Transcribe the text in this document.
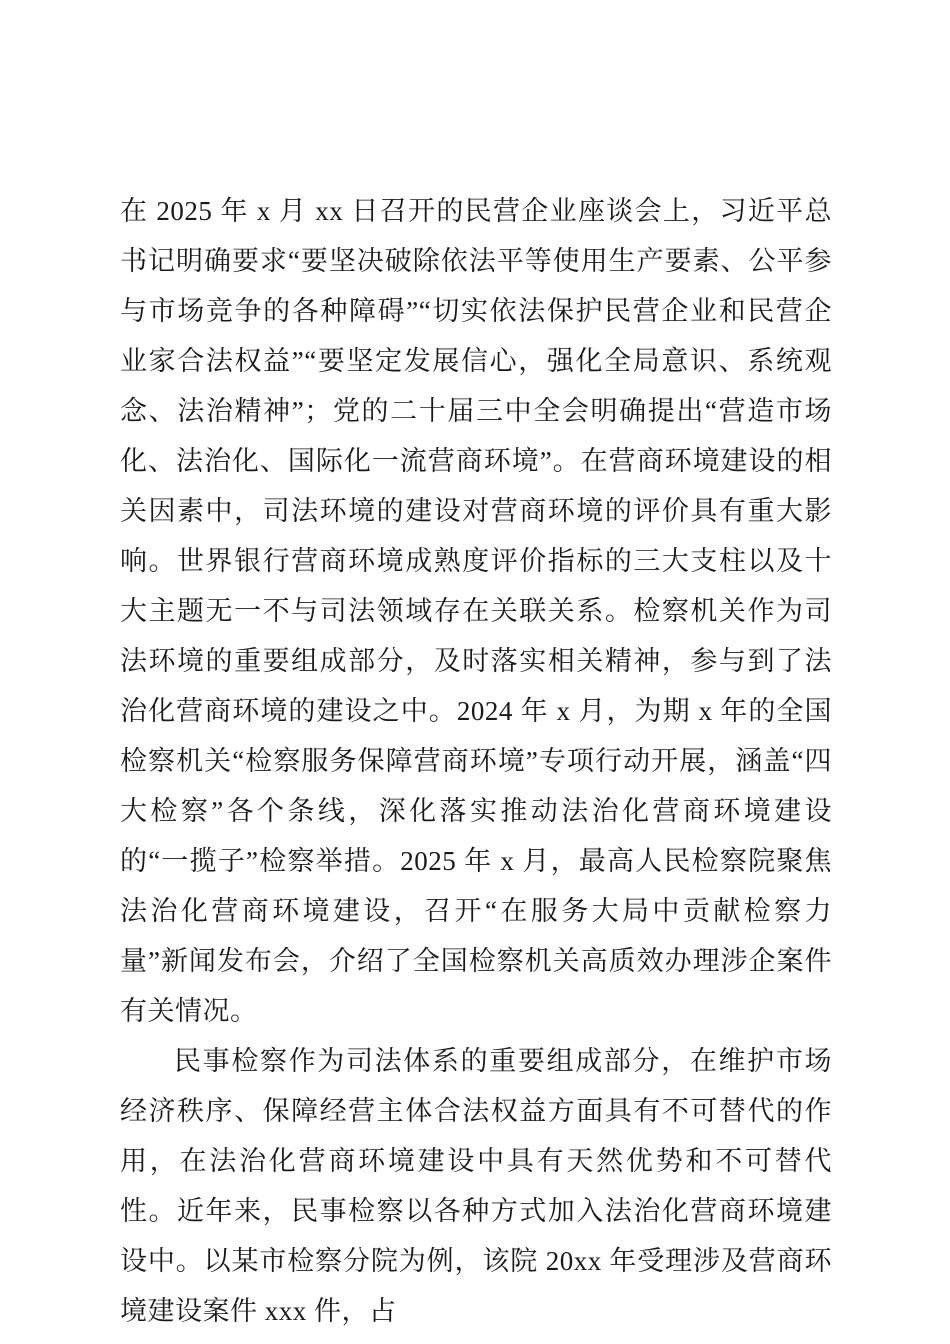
在 2025 年 x 月 xx 日召开的民营企业座谈会上，习近平总书记明确要求“要坚决破除依法平等使用生产要素、公平参与市场竞争的各种障碍”“切实依法保护民营企业和民营企业家合法权益”“要坚定发展信心，强化全局意识、系统观念、法治精神”；党的二十届三中全会明确提出“营造市场化、法治化、国际化一流营商环境”。在营商环境建设的相关因素中，司法环境的建设对营商环境的评价具有重大影响。世界银行营商环境成熟度评价指标的三大支柱以及十大主题无一不与司法领域存在关联关系。检察机关作为司法环境的重要组成部分，及时落实相关精神，参与到了法治化营商环境的建设之中。2024 年 x 月，为期 x 年的全国检察机关“检察服务保障营商环境”专项行动开展，涵盖“四大检察”各个条线，深化落实推动法治化营商环境建设的“一揽子”检察举措。2025 年 x 月，最高人民检察院聚焦法治化营商环境建设，召开“在服务大局中贡献检察力量”新闻发布会，介绍了全国检察机关高质效办理涉企案件有关情况。

民事检察作为司法体系的重要组成部分，在维护市场经济秩序、保障经营主体合法权益方面具有不可替代的作用，在法治化营商环境建设中具有天然优势和不可替代性。近年来，民事检察以各种方式加入法治化营商环境建设中。以某市检察分院为例，该院 20xx 年受理涉及营商环境建设案件 xxx 件，占
